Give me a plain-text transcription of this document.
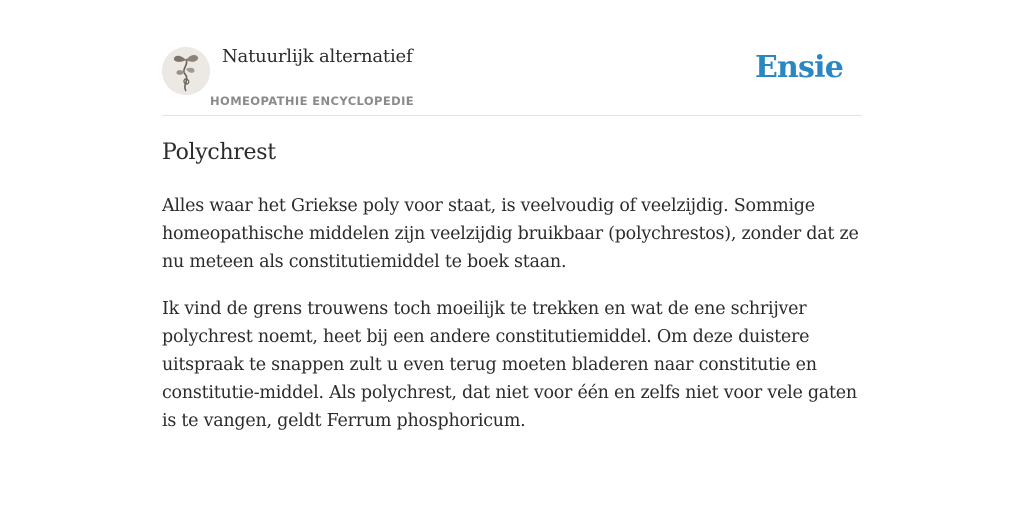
Natuurlijk alternatief
HOMEOPATHIE ENCYCLOPEDIE
Ensie
Polychrest

Alles waar het Griekse poly voor staat, is veelvoudig of veelzijdig. Sommige homeopathische middelen zijn veelzijdig bruikbaar (polychrestos), zonder dat ze nu meteen als constitutiemiddel te boek staan.

Ik vind de grens trouwens toch moeilijk te trekken en wat de ene schrijver polychrest noemt, heet bij een andere constitutiemiddel. Om deze duistere uitspraak te snappen zult u even terug moeten bladeren naar constitutie en constitutie-middel. Als polychrest, dat niet voor één en zelfs niet voor vele gaten is te vangen, geldt Ferrum phosphoricum.
